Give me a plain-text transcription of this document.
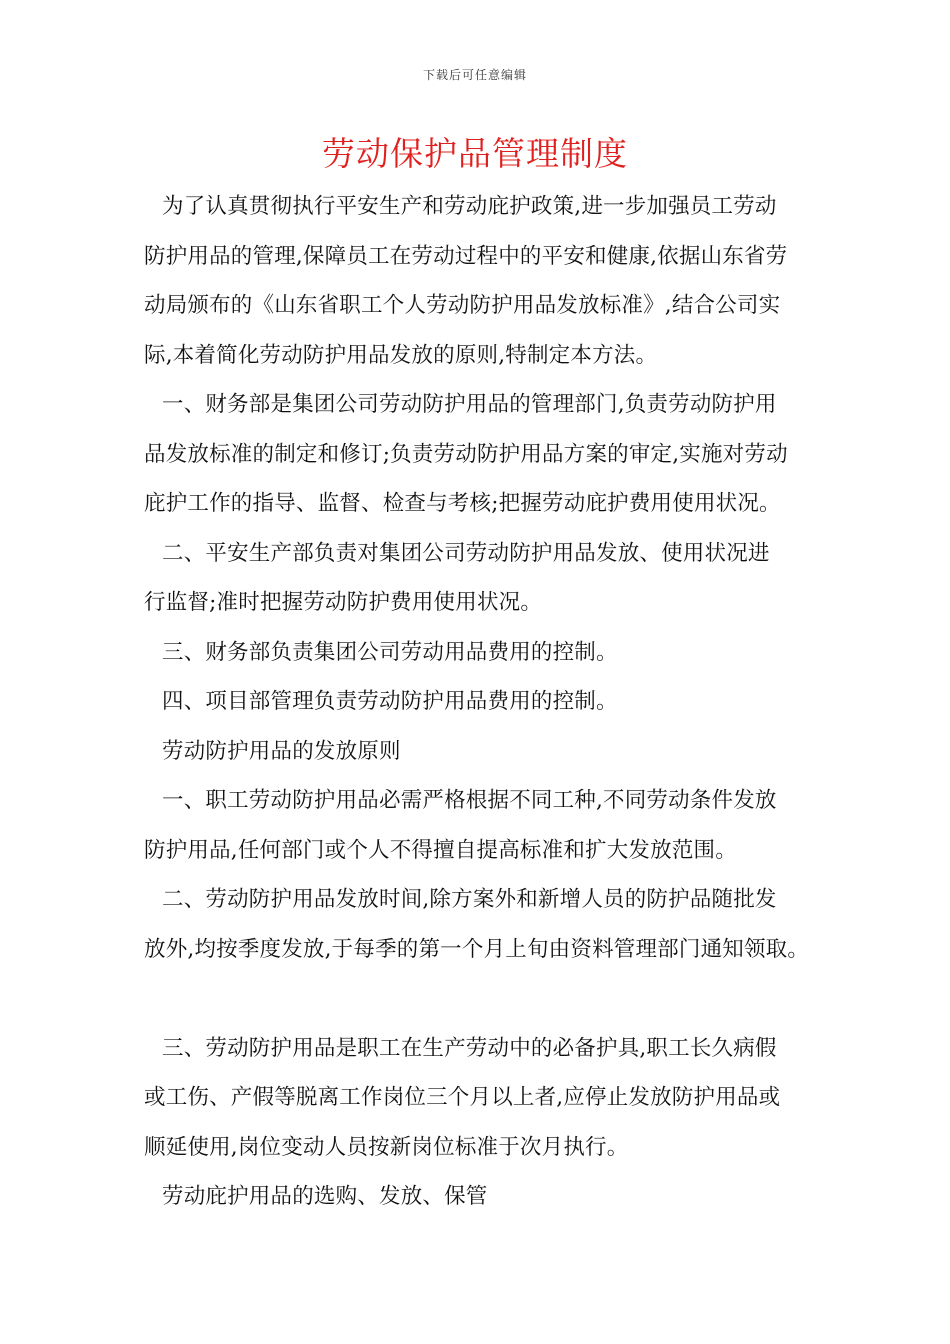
下载后可任意编辑
劳动保护品管理制度

为了认真贯彻执行平安生产和劳动庇护政策,进一步加强员工劳动

防护用品的管理,保障员工在劳动过程中的平安和健康,依据山东省劳

动局颁布的《山东省职工个人劳动防护用品发放标准》,结合公司实

际,本着简化劳动防护用品发放的原则,特制定本方法。

一、财务部是集团公司劳动防护用品的管理部门,负责劳动防护用

品发放标准的制定和修订;负责劳动防护用品方案的审定,实施对劳动

庇护工作的指导、监督、检查与考核;把握劳动庇护费用使用状况。

二、平安生产部负责对集团公司劳动防护用品发放、使用状况进

行监督;准时把握劳动防护费用使用状况。

三、财务部负责集团公司劳动用品费用的控制。

四、项目部管理负责劳动防护用品费用的控制。

劳动防护用品的发放原则

一、职工劳动防护用品必需严格根据不同工种,不同劳动条件发放

防护用品,任何部门或个人不得擅自提高标准和扩大发放范围。

二、劳动防护用品发放时间,除方案外和新增人员的防护品随批发

放外,均按季度发放,于每季的第一个月上旬由资料管理部门通知领取。

三、劳动防护用品是职工在生产劳动中的必备护具,职工长久病假

或工伤、产假等脱离工作岗位三个月以上者,应停止发放防护用品或

顺延使用,岗位变动人员按新岗位标准于次月执行。

劳动庇护用品的选购、发放、保管
